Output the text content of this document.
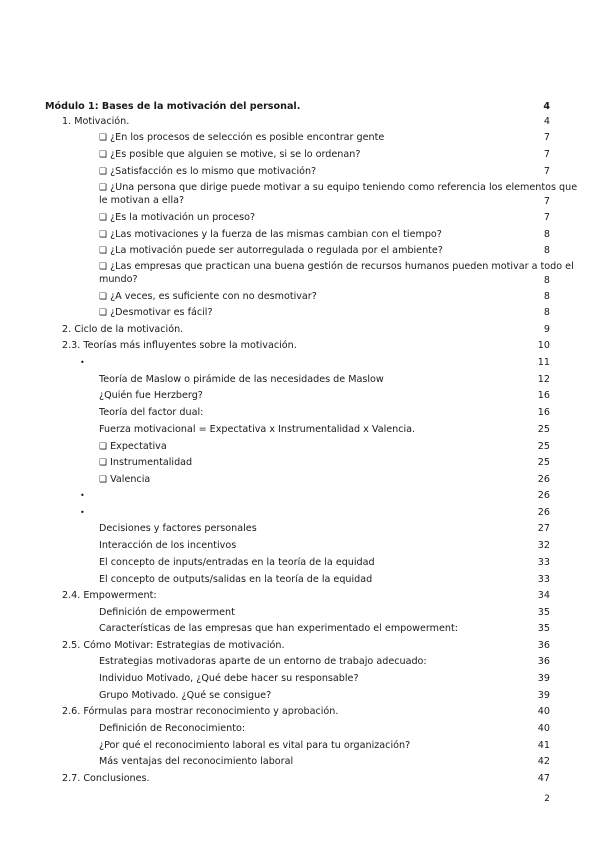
Módulo 1: Bases de la motivación del personal.	4
1. Motivación.	4
❏ ¿En los procesos de selección es posible encontrar gente	7
❏ ¿Es posible que alguien se motive, si se lo ordenan?	7
❏ ¿Satisfacción es lo mismo que motivación?	7
❏ ¿Una persona que dirige puede motivar a su equipo teniendo como referencia los elementos que
le motivan a ella?	7
❏ ¿Es la motivación un proceso?	7
❏ ¿Las motivaciones y la fuerza de las mismas cambian con el tiempo?	8
❏ ¿La motivación puede ser autorregulada o regulada por el ambiente?	8
❏ ¿Las empresas que practican una buena gestión de recursos humanos pueden motivar a todo el
mundo?	8
❏ ¿A veces, es suficiente con no desmotivar?	8
❏ ¿Desmotivar es fácil?	8
2. Ciclo de la motivación.	9
2.3. Teorías más influyentes sobre la motivación.	10
•	11
Teoría de Maslow o pirámide de las necesidades de Maslow	12
¿Quién fue Herzberg?	16
Teoría del factor dual:	16
Fuerza motivacional = Expectativa x Instrumentalidad x Valencia.	25
❏ Expectativa	25
❏ Instrumentalidad	25
❏ Valencia	26
•	26
•	26
Decisiones y factores personales	27
Interacción de los incentivos	32
El concepto de inputs/entradas en la teoría de la equidad	33
El concepto de outputs/salidas en la teoría de la equidad	33
2.4. Empowerment:	34
Definición de empowerment	35
Características de las empresas que han experimentado el empowerment:	35
2.5. Cómo Motivar: Estrategias de motivación.	36
Estrategias motivadoras aparte de un entorno de trabajo adecuado:	36
Individuo Motivado, ¿Qué debe hacer su responsable?	39
Grupo Motivado. ¿Qué se consigue?	39
2.6. Fórmulas para mostrar reconocimiento y aprobación.	40
Definición de Reconocimiento:	40
¿Por qué el reconocimiento laboral es vital para tu organización?	41
Más ventajas del reconocimiento laboral	42
2.7. Conclusiones.	47
2
